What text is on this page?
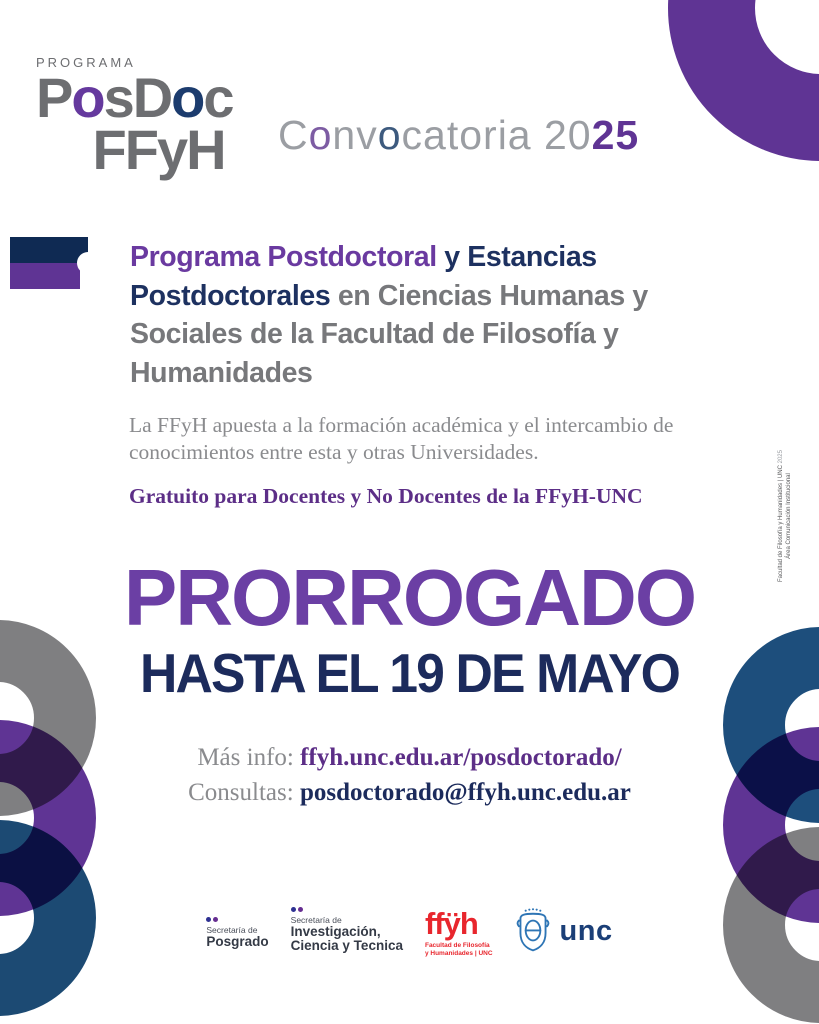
PROGRAMA
PosDoc
FFyH Convocatoria 2025
Programa Postdoctoral y Estancias
Postdoctorales en Ciencias Humanas y
Sociales de la Facultad de Filosofía y
Humanidades
La FFyH apuesta a la formación académica y el intercambio de conocimientos entre esta y otras Universidades.
Gratuito para Docentes y No Docentes de la FFyH-UNC
PRORROGADO
HASTA EL 19 DE MAYO
Más info: ffyh.unc.edu.ar/posdoctorado/
Consultas: posdoctorado@ffyh.unc.edu.ar
Secretaría de
Posgrado
Secretaría de
Investigación,
Ciencia y Tecnica
ffÿh
Facultad de Filosofía
y Humanidades | UNC
unc
Facultad de Filosofía y Humanidades | UNC 2025
Área Comunicación Institucional
